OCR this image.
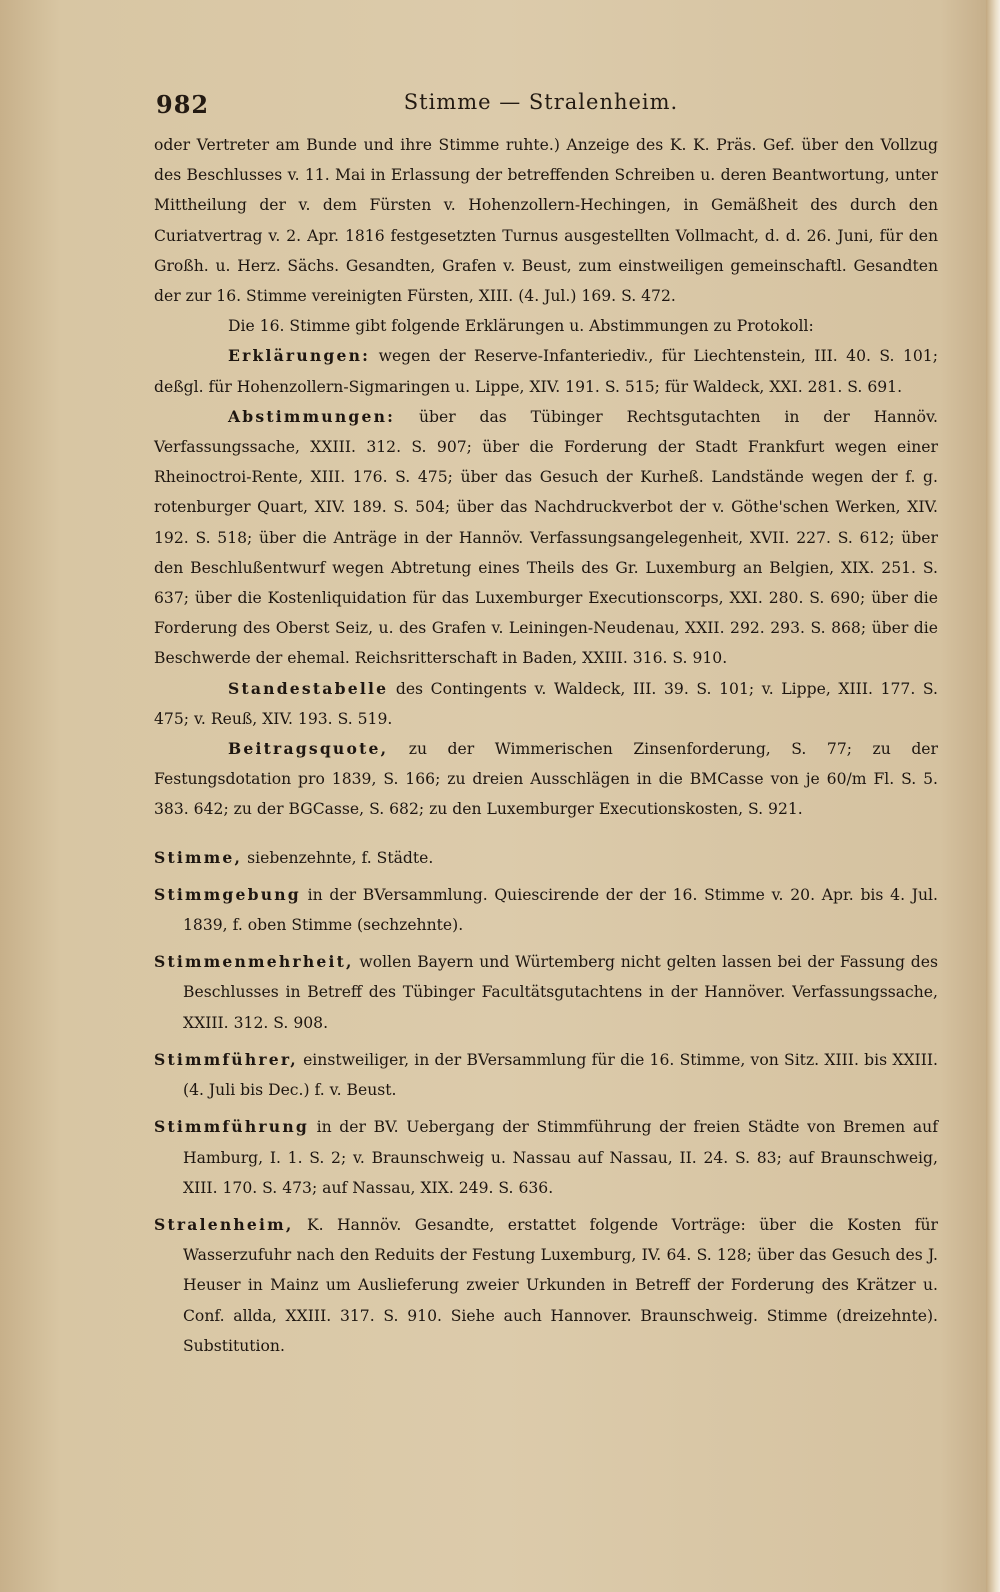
982	Stimme — Stralenheim.

oder Vertreter am Bunde und ihre Stimme ruhte.) Anzeige des K. K. Präs. Gef. über den Vollzug des Beschlusses v. 11. Mai in Erlassung der betreffenden Schreiben u. deren Beantwortung, unter Mittheilung der v. dem Fürsten v. Hohenzollern-Hechingen, in Gemäßheit des durch den Curiatvertrag v. 2. Apr. 1816 festgesetzten Turnus ausgestellten Vollmacht, d. d. 26. Juni, für den Großh. u. Herz. Sächs. Gesandten, Grafen v. Beust, zum einstweiligen gemeinschaftl. Gesandten der zur 16. Stimme vereinigten Fürsten, XIII. (4. Jul.) 169. S. 472.

Die 16. Stimme gibt folgende Erklärungen u. Abstimmungen zu Protokoll:

Erklärungen: wegen der Reserve-Infanteriediv., für Liechtenstein, III. 40. S. 101; deßgl. für Hohenzollern-Sigmaringen u. Lippe, XIV. 191. S. 515; für Waldeck, XXI. 281. S. 691.

Abstimmungen: über das Tübinger Rechtsgutachten in der Hannöv. Verfassungssache, XXIII. 312. S. 907; über die Forderung der Stadt Frankfurt wegen einer Rheinoctroi-Rente, XIII. 176. S. 475; über das Gesuch der Kurheß. Landstände wegen der f. g. rotenburger Quart, XIV. 189. S. 504; über das Nachdruckverbot der v. Göthe'schen Werken, XIV. 192. S. 518; über die Anträge in der Hannöv. Verfassungsangelegenheit, XVII. 227. S. 612; über den Beschlußentwurf wegen Abtretung eines Theils des Gr. Luxemburg an Belgien, XIX. 251. S. 637; über die Kostenliquidation für das Luxemburger Executionscorps, XXI. 280. S. 690; über die Forderung des Oberst Seiz, u. des Grafen v. Leiningen-Neudenau, XXII. 292. 293. S. 868; über die Beschwerde der ehemal. Reichsritterschaft in Baden, XXIII. 316. S. 910.

Standestabelle des Contingents v. Waldeck, III. 39. S. 101; v. Lippe, XIII. 177. S. 475; v. Reuß, XIV. 193. S. 519.

Beitragsquote, zu der Wimmerischen Zinsenforderung, S. 77; zu der Festungsdotation pro 1839, S. 166; zu dreien Ausschlägen in die BMCasse von je 60/m Fl. S. 5. 383. 642; zu der BGCasse, S. 682; zu den Luxemburger Executionskosten, S. 921.

Stimme, siebenzehnte, f. Städte.

Stimmgebung in der BVersammlung. Quiescirende der der 16. Stimme v. 20. Apr. bis 4. Jul. 1839, f. oben Stimme (sechzehnte).

Stimmenmehrheit, wollen Bayern und Würtemberg nicht gelten lassen bei der Fassung des Beschlusses in Betreff des Tübinger Facultätsgutachtens in der Hannöver. Verfassungssache, XXIII. 312. S. 908.

Stimmführer, einstweiliger, in der BVersammlung für die 16. Stimme, von Sitz. XIII. bis XXIII. (4. Juli bis Dec.) f. v. Beust.

Stimmführung in der BV. Uebergang der Stimmführung der freien Städte von Bremen auf Hamburg, I. 1. S. 2; v. Braunschweig u. Nassau auf Nassau, II. 24. S. 83; auf Braunschweig, XIII. 170. S. 473; auf Nassau, XIX. 249. S. 636.

Stralenheim, K. Hannöv. Gesandte, erstattet folgende Vorträge: über die Kosten für Wasserzufuhr nach den Reduits der Festung Luxemburg, IV. 64. S. 128; über das Gesuch des J. Heuser in Mainz um Auslieferung zweier Urkunden in Betreff der Forderung des Krätzer u. Conf. allda, XXIII. 317. S. 910. Siehe auch Hannover. Braunschweig. Stimme (dreizehnte). Substitution.
